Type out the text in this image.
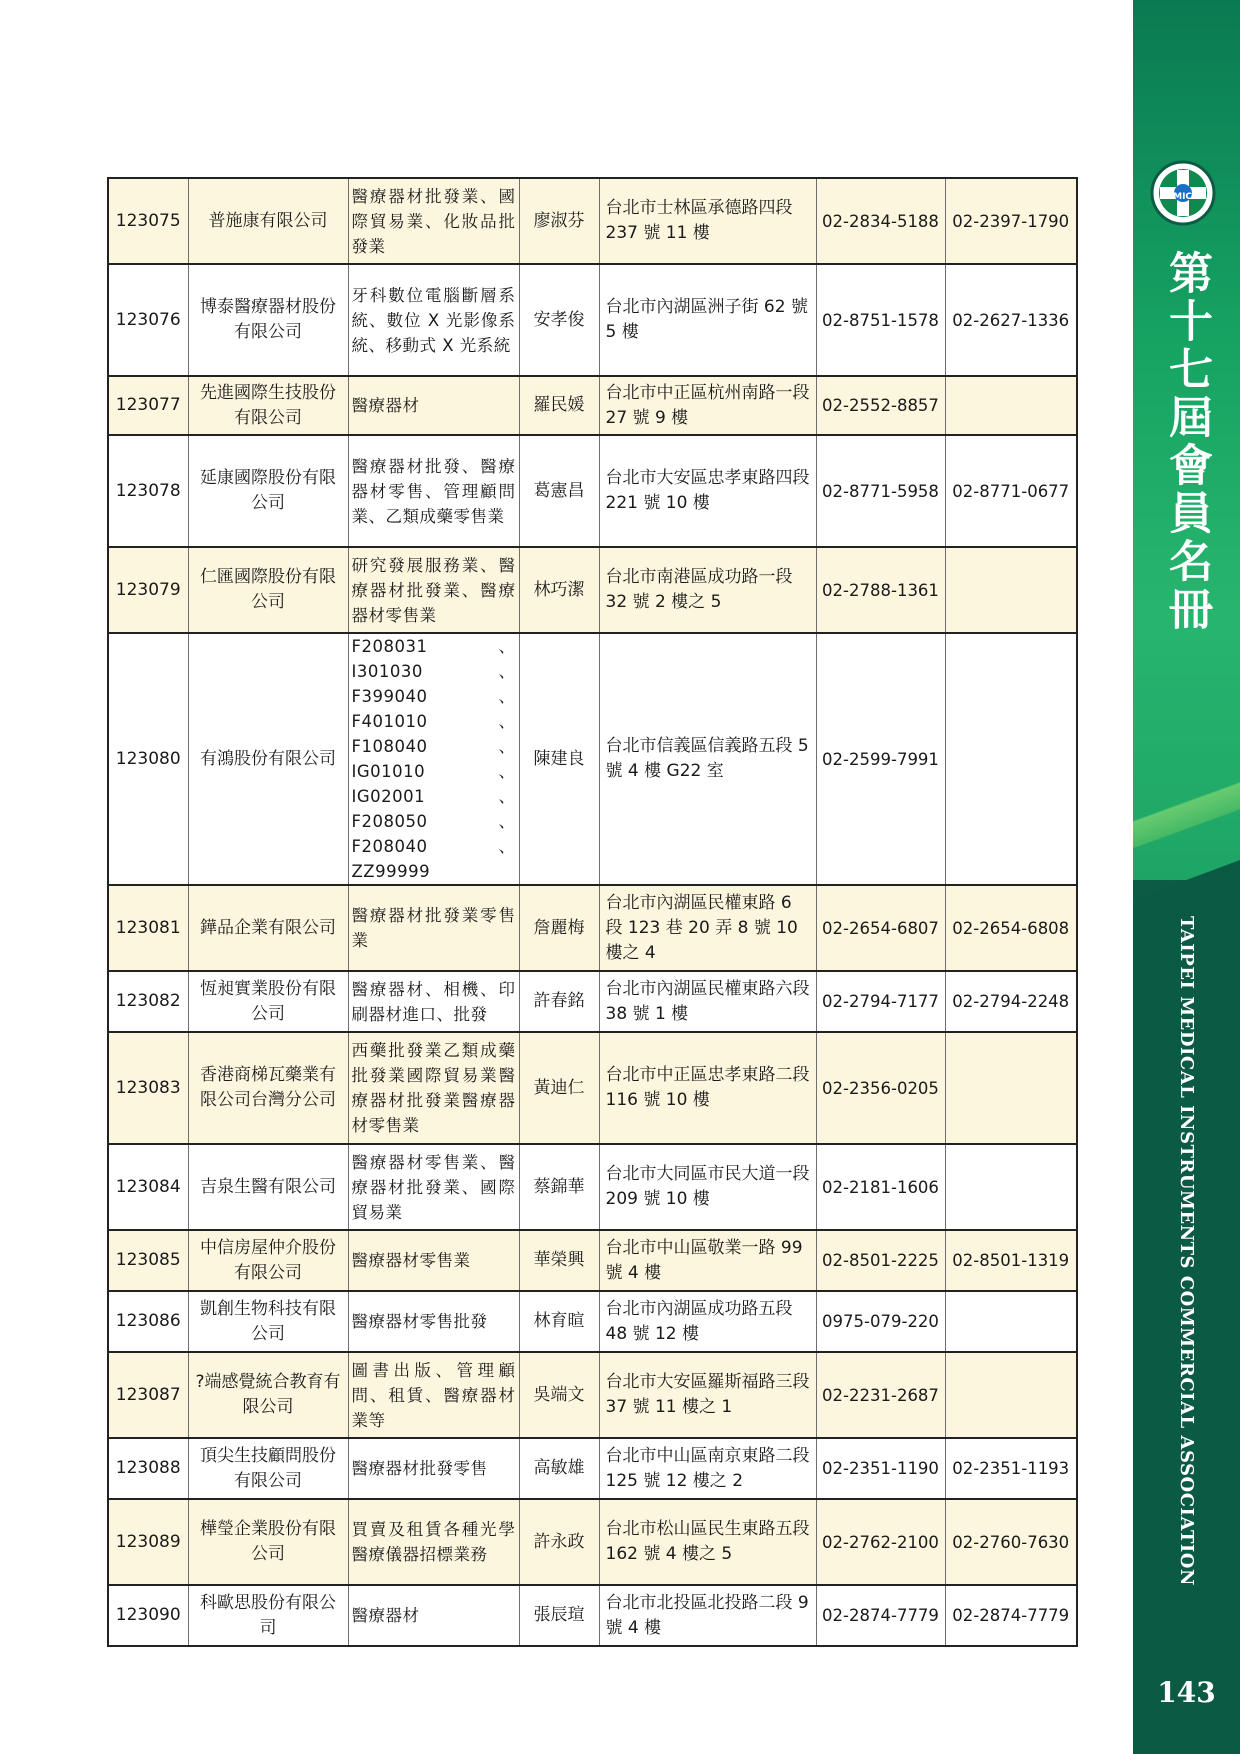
123075	普施康有限公司	醫療器材批發業、國際貿易業、化妝品批發業	廖淑芬	台北市士林區承德路四段 237 號 11 樓	02-2834-5188	02-2397-1790
123076	博泰醫療器材股份有限公司	牙科數位電腦斷層系統、數位 X 光影像系統、移動式 X 光系統	安孝俊	台北市內湖區洲子街 62 號 5 樓	02-8751-1578	02-2627-1336
123077	先進國際生技股份有限公司	醫療器材	羅民媛	台北市中正區杭州南路一段 27 號 9 樓	02-2552-8857	
123078	延康國際股份有限公司	醫療器材批發、醫療器材零售、管理顧問業、乙類成藥零售業	葛憲昌	台北市大安區忠孝東路四段 221 號 10 樓	02-8771-5958	02-8771-0677
123079	仁匯國際股份有限公司	研究發展服務業、醫療器材批發業、醫療器材零售業	林巧潔	台北市南港區成功路一段 32 號 2 樓之 5	02-2788-1361	
123080	有鴻股份有限公司	F208031、I301030、F399040、F401010、F108040、IG01010、IG02001、F208050、F208040、ZZ99999	陳建良	台北市信義區信義路五段 5 號 4 樓 G22 室	02-2599-7991	
123081	鏵品企業有限公司	醫療器材批發業零售業	詹麗梅	台北市內湖區民權東路 6 段 123 巷 20 弄 8 號 10 樓之 4	02-2654-6807	02-2654-6808
123082	恆昶實業股份有限公司	醫療器材、相機、印刷器材進口、批發	許春銘	台北市內湖區民權東路六段 38 號 1 樓	02-2794-7177	02-2794-2248
123083	香港商梯瓦藥業有限公司台灣分公司	西藥批發業乙類成藥批發業國際貿易業醫療器材批發業醫療器材零售業	黃迪仁	台北市中正區忠孝東路二段 116 號 10 樓	02-2356-0205	
123084	吉泉生醫有限公司	醫療器材零售業、醫療器材批發業、國際貿易業	蔡錦華	台北市大同區市民大道一段 209 號 10 樓	02-2181-1606	
123085	中信房屋仲介股份有限公司	醫療器材零售業	華榮興	台北市中山區敬業一路 99 號 4 樓	02-8501-2225	02-8501-1319
123086	凱創生物科技有限公司	醫療器材零售批發	林育暄	台北市內湖區成功路五段 48 號 12 樓	0975-079-220	
123087	?端感覺統合教育有限公司	圖書出版、管理顧問、租賃、醫療器材業等	吳端文	台北市大安區羅斯福路三段 37 號 11 樓之 1	02-2231-2687	
123088	頂尖生技顧問股份有限公司	醫療器材批發零售	高敏雄	台北市中山區南京東路二段 125 號 12 樓之 2	02-2351-1190	02-2351-1193
123089	樺瑩企業股份有限公司	買賣及租賃各種光學醫療儀器招標業務	許永政	台北市松山區民生東路五段 162 號 4 樓之 5	02-2762-2100	02-2760-7630
123090	科歐思股份有限公司	醫療器材	張辰瑄	台北市北投區北投路二段 9 號 4 樓	02-2874-7779	02-2874-7779
TMICA
第十七屆會員名冊
TAIPEI MEDICAL INSTRUMENTS COMMERCIAL ASSOCIATION
143
